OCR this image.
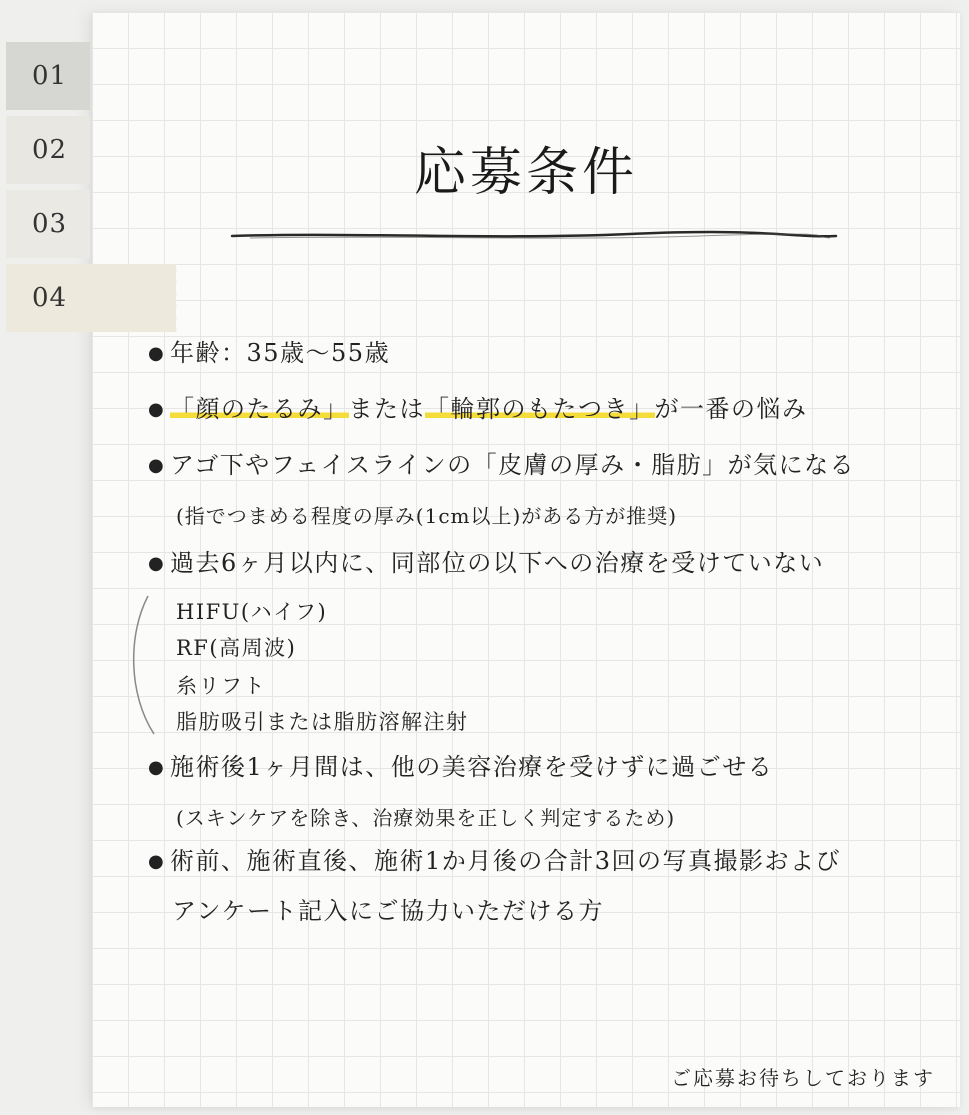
01
02
03
04
応募条件
● 年齢：35歳〜55歳
● 「顔のたるみ」または「輪郭のもたつき」が一番の悩み
● アゴ下やフェイスラインの「皮膚の厚み・脂肪」が気になる
(指でつまめる程度の厚み(1cm以上)がある方が推奨)
● 過去6ヶ月以内に、同部位の以下への治療を受けていない
HIFU(ハイフ)
RF(高周波)
糸リフト
脂肪吸引または脂肪溶解注射
● 施術後1ヶ月間は、他の美容治療を受けずに過ごせる
(スキンケアを除き、治療効果を正しく判定するため)
● 術前、施術直後、施術1か月後の合計3回の写真撮影および
アンケート記入にご協力いただける方
ご応募お待ちしております
